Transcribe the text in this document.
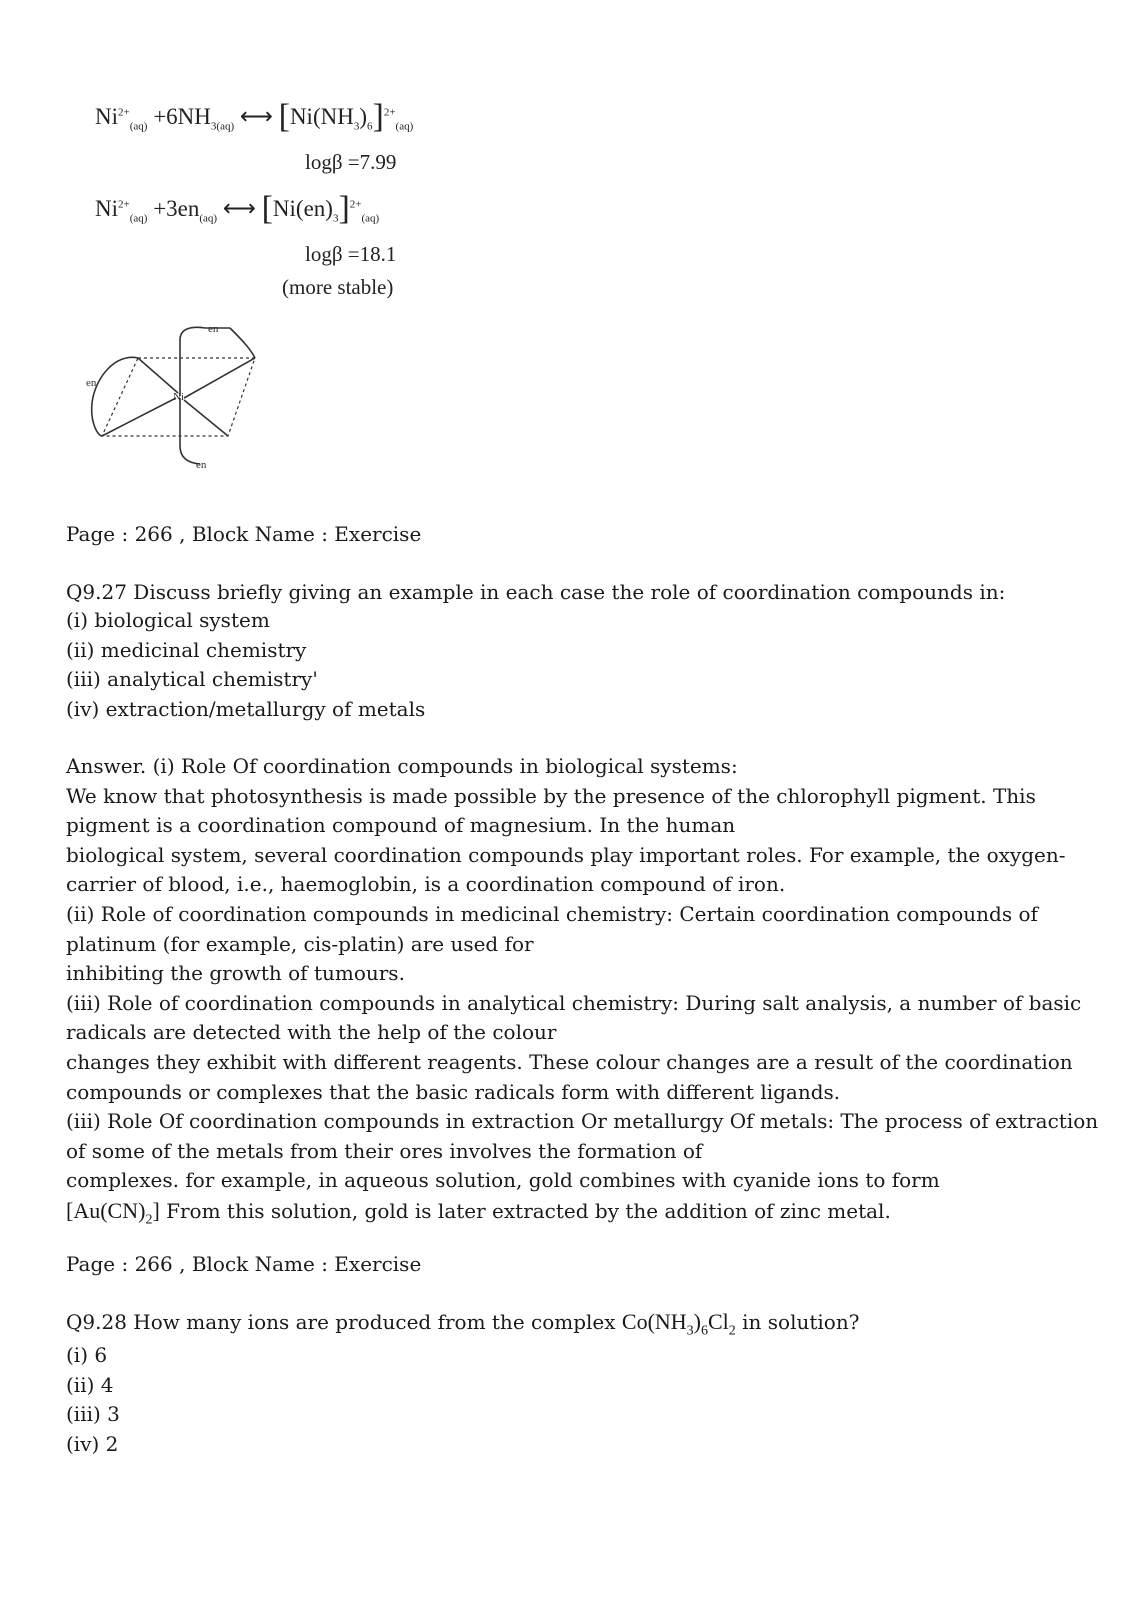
$Ni^{2+}_{(aq)} +6NH_{3(aq)}$ ⟷ $[Ni(NH_3)_6]^{2+}_{(aq)}$
logβ =7.99
$Ni^{2+}_{(aq)} +3en_{(aq)}$ ⟷ $[Ni(en)_3]^{2+}_{(aq)}$
logβ =18.1
(more stable)
Ni
en
en
en
Page : 266 , Block Name : Exercise
Q9.27 Discuss briefly giving an example in each case the role of coordination compounds in:
(i) biological system
(ii) medicinal chemistry
(iii) analytical chemistry'
(iv) extraction/metallurgy of metals
Answer. (i) Role Of coordination compounds in biological systems:
We know that photosynthesis is made possible by the presence of the chlorophyll pigment. This
pigment is a coordination compound of magnesium. In the human
biological system, several coordination compounds play important roles. For example, the oxygen-
carrier of blood, i.e., haemoglobin, is a coordination compound of iron.
(ii) Role of coordination compounds in medicinal chemistry: Certain coordination compounds of
platinum (for example, cis-platin) are used for
inhibiting the growth of tumours.
(iii) Role of coordination compounds in analytical chemistry: During salt analysis, a number of basic
radicals are detected with the help of the colour
changes they exhibit with different reagents. These colour changes are a result of the coordination
compounds or complexes that the basic radicals form with different ligands.
(iii) Role Of coordination compounds in extraction Or metallurgy Of metals: The process of extraction
of some of the metals from their ores involves the formation of
complexes. for example, in aqueous solution, gold combines with cyanide ions to form
$[Au(CN)_2]$ From this solution, gold is later extracted by the addition of zinc metal.
Page : 266 , Block Name : Exercise
Q9.28 How many ions are produced from the complex $Co(NH_3)_6Cl_2$ in solution?
(i) 6
(ii) 4
(iii) 3
(iv) 2
